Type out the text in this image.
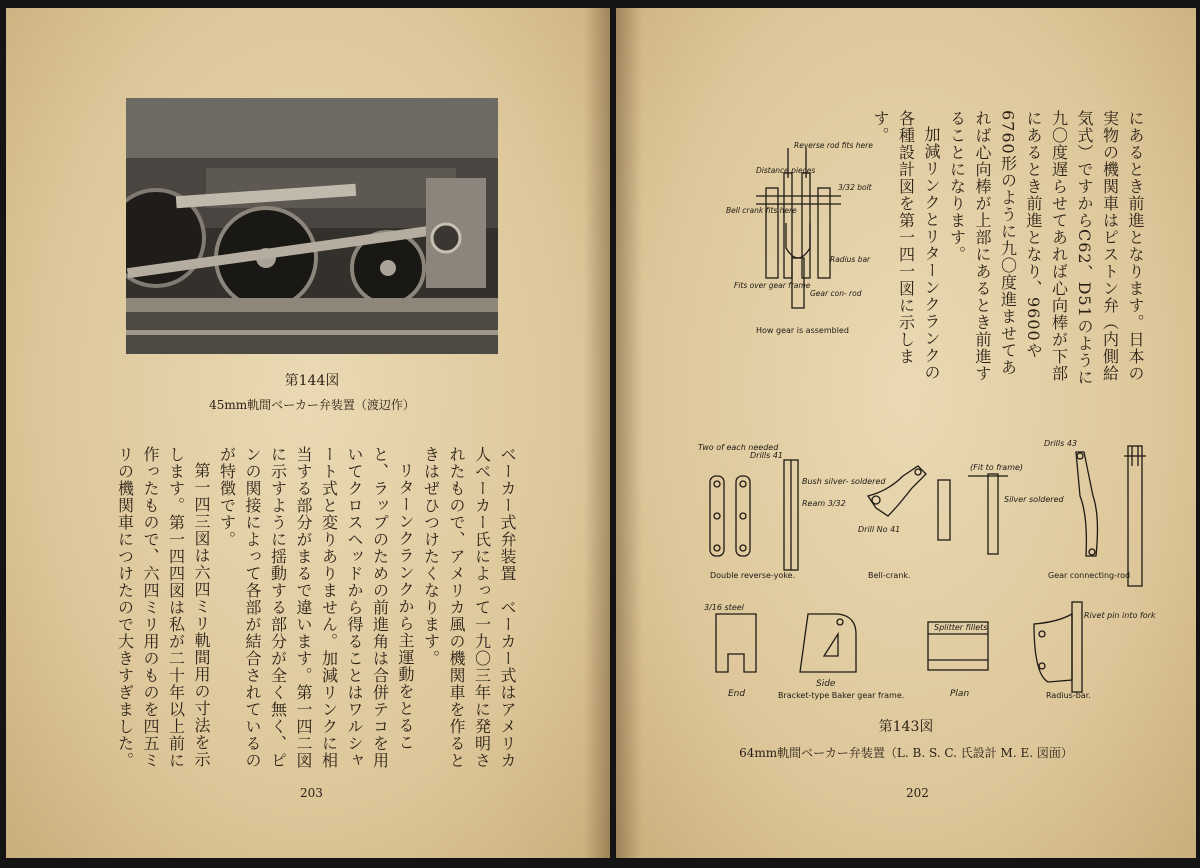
第144図
45mm軌間ベーカー弁装置（渡辺作）

ベーカー式弁装置　ベーカー式はアメリカ人ベーカー氏によって一九〇三年に発明されたもので、アメリカ風の機関車を作るときはぜひつけたくなります。

リターンクランクから主運動をとること、ラップのための前進角は合併テコを用いてクロスヘッドから得ることはワルシャート式と変りありません。加減リンクに相当する部分がまるで違います。第一四二図に示すように揺動する部分が全く無く、ピンの関接によって各部が結合されているのが特徴です。

第一四三図は六四ミリ軌間用の寸法を示します。第一四四図は私が二十年以上前に作ったもので、六四ミリ用のものを四五ミリの機関車につけたので大きすぎました。

203

にあるとき前進となります。日本の実物の機関車はピストン弁（内側給気式）ですからC62、D51のように九〇度遅らせてあれば心向棒が下部にあるとき前進となり、9600や6760形のように九〇度進ませてあれば心向棒が上部にあるとき前進することになります。

加減リンクとリターンクランクの各種設計図を第一四一図に示します。

Reverse rod fits here
Distance pieces
3/32 bolt
Bell crank fits here
Fits over gear frame
Radius bar
Gear con- rod
How gear is assembled
Two of each needed
Drills 41
Bush silver- soldered
Ream 3/32
Double reverse-yoke.
Drill No 41
Bell-crank.
(Fit to frame)
Silver soldered
Drills 43
Gear connecting-rod
3/16 steel
End
Side
Bracket-type Baker gear frame.
Splitter fillets
Plan
Rivet pin into fork
Radius-bar.
第143図
64mm軌間ベーカー弁装置（L. B. S. C. 氏設計 M. E. 図面）
202
